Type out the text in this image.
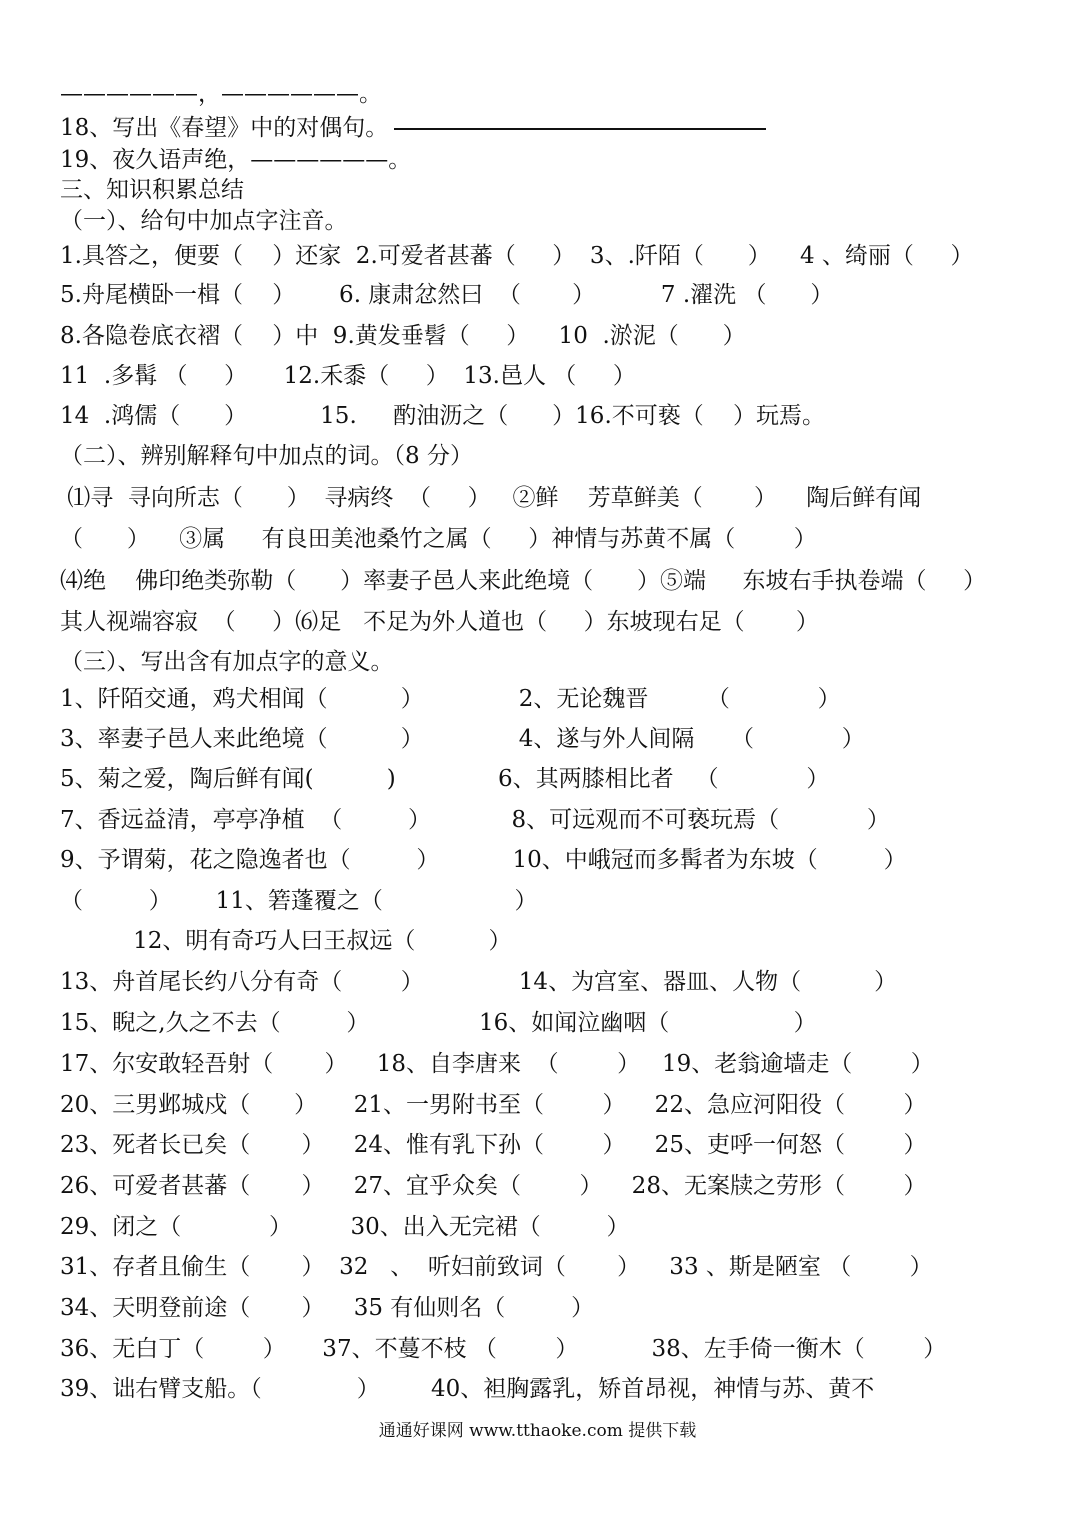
——————，——————。
18、写出《春望》中的对偶句。
19、夜久语声绝，——————。
三、知识积累总结
（一）、给句中加点字注音。
1.具答之，便要（    ）还家  2.可爱者甚蕃（     ）  3、.阡陌（      ）    4 、绮丽（     ）
5.舟尾横卧一楫（    ）      6. 康肃忿然曰  （       ）         7 .濯洗 （      ）
8.各隐卷底衣褶（    ）中  9.黄发垂髫（     ）    10  .淤泥（      ）
11  .多髯 （     ）     12.禾黍（     ）  13.邑人 （     ）
14  .鸿儒（      ）          15.     酌油沥之（      ）16.不可亵（    ）玩焉。
（二）、辨别解释句中加点的词。（8 分）
⑴寻  寻向所志（      ）  寻病终  （     ）   ②鲜    芳草鲜美（       ）    陶后鲜有闻
（      ）    ③属     有良田美池桑竹之属（     ）神情与苏黄不属（        ）
⑷绝    佛印绝类弥勒（      ）率妻子邑人来此绝境（      ）⑤端     东坡右手执卷端（     ）
其人视端容寂  （     ）⑹足   不足为外人道也（     ）东坡现右足（       ）
（三）、写出含有加点字的意义。
1、阡陌交通，鸡犬相闻（          ）             2、无论魏晋        （            ）
3、率妻子邑人来此绝境（          ）             4、遂与外人间隔     （            ）
5、菊之爱，陶后鲜有闻(          )              6、其两膝相比者   （            ）
7、香远益清，亭亭净植  （         ）           8、可远观而不可亵玩焉（            ）
9、予谓菊，花之隐逸者也（         ）          10、中峨冠而多髯者为东坡（         ）
（         ）      11、箬蓬覆之（                  ）
12、明有奇巧人曰王叔远（          ）
13、舟首尾长约八分有奇（        ）             14、为宫室、器皿、人物（          ）
15、睨之,久之不去（         ）               16、如闻泣幽咽（                 ）
17、尔安敢轻吾射（       ）    18、自李唐来  （        ）   19、老翁逾墙走（        ）
20、三男邺城戍（      ）     21、一男附书至（        ）    22、急应河阳役（        ）
23、死者长已矣（       ）    24、惟有乳下孙（        ）    25、吏呼一何怒（        ）
26、可爱者甚蕃（       ）    27、宜乎众矣（        ）    28、无案牍之劳形（        ）
29、闭之（            ）        30、出入无完裙（         ）
31、存者且偷生（       ）  32   、  听妇前致词（       ）    33 、斯是陋室 （        ）
34、天明登前途（       ）    35 有仙则名（         ）
36、无白丁（        ）     37、不蔓不枝 （        ）          38、左手倚一衡木（        ）
39、诎右臂支船。（             ）       40、袒胸露乳，矫首昂视，神情与苏、黄不
通通好课网 www.tthaoke.com 提供下载
